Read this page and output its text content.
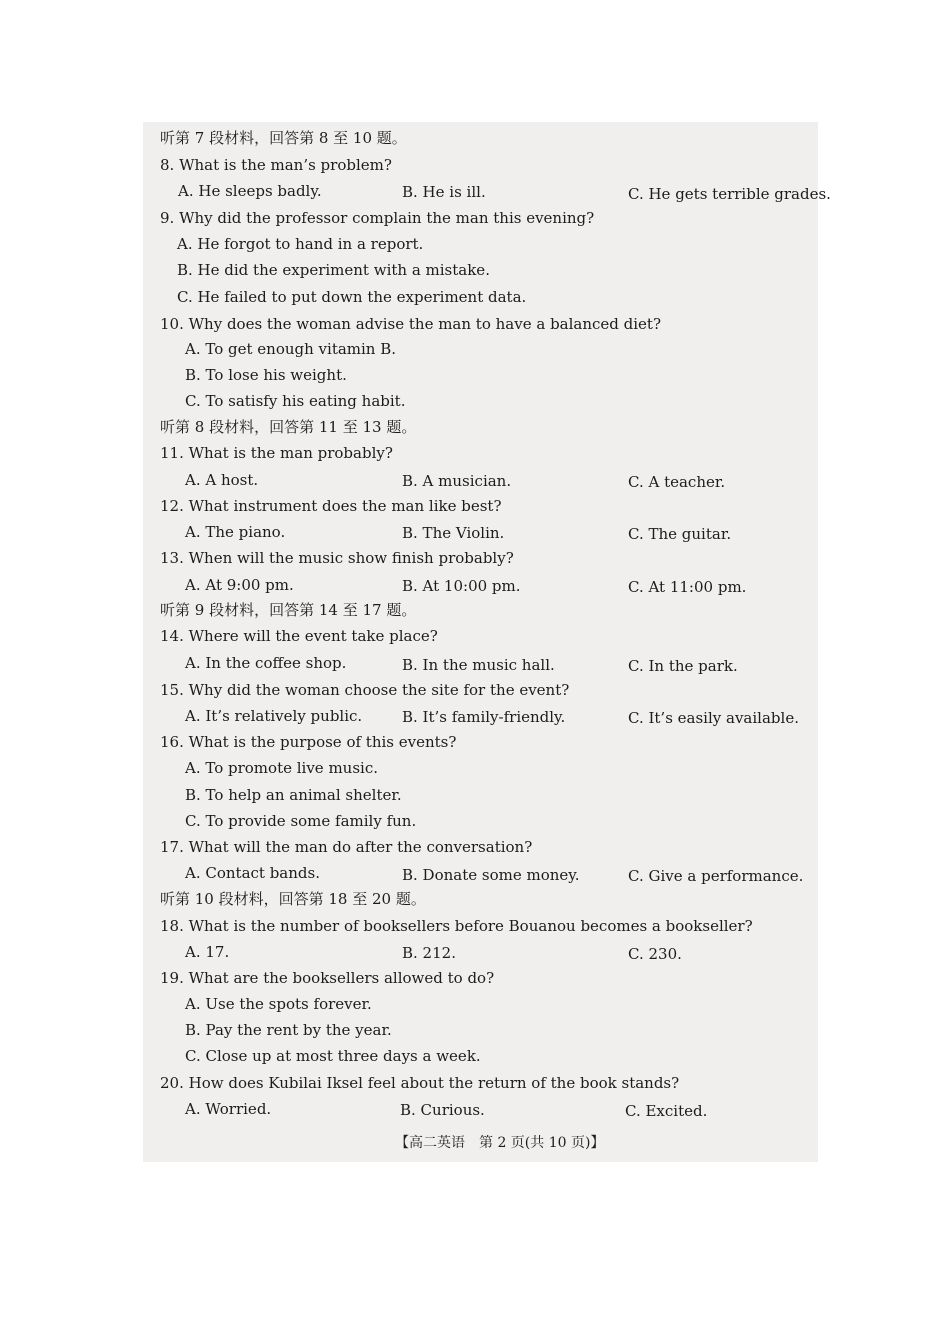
听第 7 段材料，回答第 8 至 10 题。
8. What is the man’s problem?
A. He sleeps badly.	B. He is ill.	C. He gets terrible grades.
9. Why did the professor complain the man this evening?
A. He forgot to hand in a report.
B. He did the experiment with a mistake.
C. He failed to put down the experiment data.
10. Why does the woman advise the man to have a balanced diet?
A. To get enough vitamin B.
B. To lose his weight.
C. To satisfy his eating habit.
听第 8 段材料，回答第 11 至 13 题。
11. What is the man probably?
A. A host.	B. A musician.	C. A teacher.
12. What instrument does the man like best?
A. The piano.	B. The Violin.	C. The guitar.
13. When will the music show finish probably?
A. At 9:00 pm.	B. At 10:00 pm.	C. At 11:00 pm.
听第 9 段材料，回答第 14 至 17 题。
14. Where will the event take place?
A. In the coffee shop.	B. In the music hall.	C. In the park.
15. Why did the woman choose the site for the event?
A. It’s relatively public.	B. It’s family-friendly.	C. It’s easily available.
16. What is the purpose of this events?
A. To promote live music.
B. To help an animal shelter.
C. To provide some family fun.
17. What will the man do after the conversation?
A. Contact bands.	B. Donate some money.	C. Give a performance.
听第 10 段材料，回答第 18 至 20 题。
18. What is the number of booksellers before Bouanou becomes a bookseller?
A. 17.	B. 212.	C. 230.
19. What are the booksellers allowed to do?
A. Use the spots forever.
B. Pay the rent by the year.
C. Close up at most three days a week.
20. How does Kubilai Iksel feel about the return of the book stands?
A. Worried.	B. Curious.	C. Excited.
【高二英语　第 2 页(共 10 页)】
